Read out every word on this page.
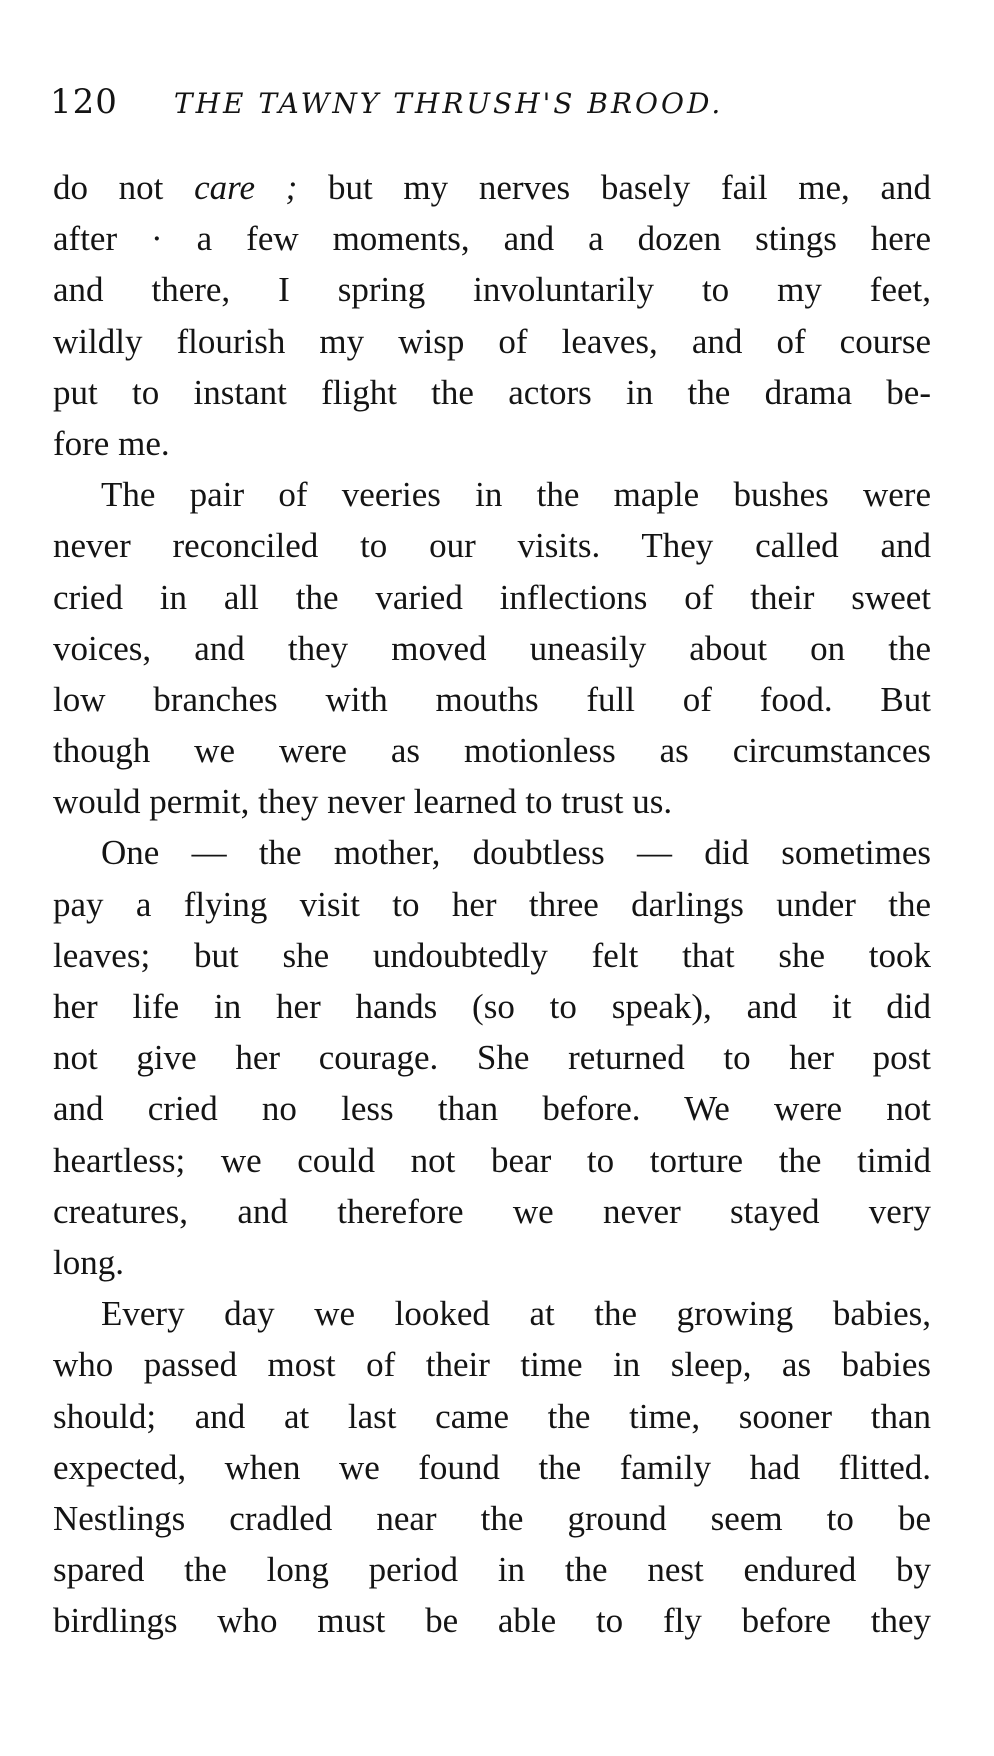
120 THE TAWNY THRUSH'S BROOD.
do not care ; but my nerves basely fail me, and
after · a few moments, and a dozen stings here
and there, I spring involuntarily to my feet,
wildly flourish my wisp of leaves, and of course
put to instant flight the actors in the drama be-
fore me.
The pair of veeries in the maple bushes were
never reconciled to our visits. They called and
cried in all the varied inflections of their sweet
voices, and they moved uneasily about on the
low branches with mouths full of food. But
though we were as motionless as circumstances
would permit, they never learned to trust us.
One — the mother, doubtless — did sometimes
pay a flying visit to her three darlings under the
leaves; but she undoubtedly felt that she took
her life in her hands (so to speak), and it did
not give her courage. She returned to her post
and cried no less than before. We were not
heartless; we could not bear to torture the timid
creatures, and therefore we never stayed very
long.
Every day we looked at the growing babies,
who passed most of their time in sleep, as babies
should; and at last came the time, sooner than
expected, when we found the family had flitted.
Nestlings cradled near the ground seem to be
spared the long period in the nest endured by
birdlings who must be able to fly before they
